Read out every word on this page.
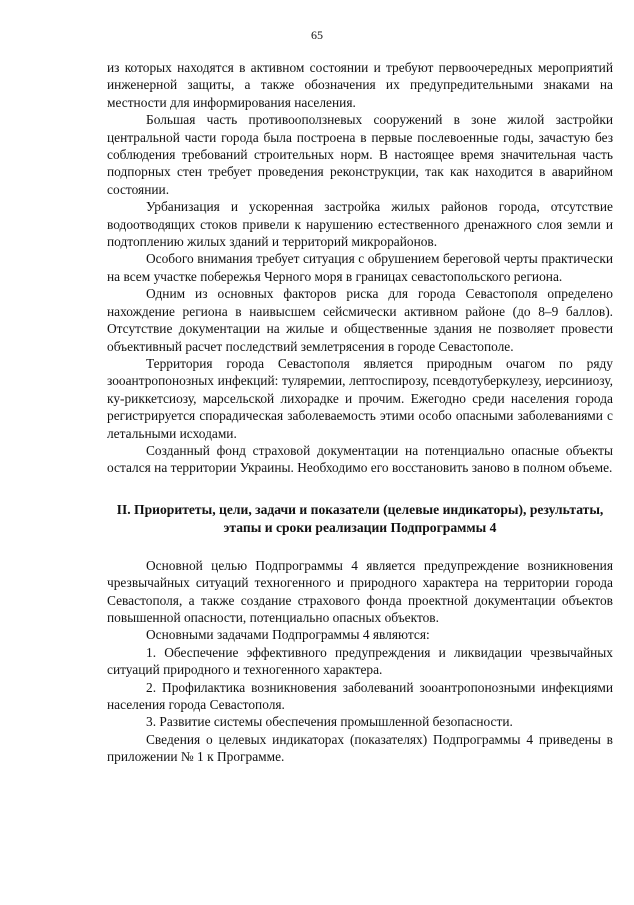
65

из которых находятся в активном состоянии и требуют первоочередных мероприятий инженерной защиты, а также обозначения их предупредительными знаками на местности для информирования населения.

Большая часть противооползневых сооружений в зоне жилой застройки центральной части города была построена в первые послевоенные годы, зачастую без соблюдения требований строительных норм. В настоящее время значительная часть подпорных стен требует проведения реконструкции, так как находится в аварийном состоянии.

Урбанизация и ускоренная застройка жилых районов города, отсутствие водоотводящих стоков привели к нарушению естественного дренажного слоя земли и подтоплению жилых зданий и территорий микрорайонов.

Особого внимания требует ситуация с обрушением береговой черты практически на всем участке побережья Черного моря в границах севастопольского региона.

Одним из основных факторов риска для города Севастополя определено нахождение региона в наивысшем сейсмически активном районе (до 8–9 баллов). Отсутствие документации на жилые и общественные здания не позволяет провести объективный расчет последствий землетрясения в городе Севастополе.

Территория города Севастополя является природным очагом по ряду зооантропонозных инфекций: туляремии, лептоспирозу, псевдотуберкулезу, иерсиниозу, ку-риккетсиозу, марсельской лихорадке и прочим. Ежегодно среди населения города регистрируется спорадическая заболеваемость этими особо опасными заболеваниями с летальными исходами.

Созданный фонд страховой документации на потенциально опасные объекты остался на территории Украины. Необходимо его восстановить заново в полном объеме.

II. Приоритеты, цели, задачи и показатели (целевые индикаторы), результаты, этапы и сроки реализации Подпрограммы 4

Основной целью Подпрограммы 4 является предупреждение возникновения чрезвычайных ситуаций техногенного и природного характера на территории города Севастополя, а также создание страхового фонда проектной документации объектов повышенной опасности, потенциально опасных объектов.

Основными задачами Подпрограммы 4 являются:

1. Обеспечение эффективного предупреждения и ликвидации чрезвычайных ситуаций природного и техногенного характера.

2. Профилактика возникновения заболеваний зооантропонозными инфекциями населения города Севастополя.

3. Развитие системы обеспечения промышленной безопасности.

Сведения о целевых индикаторах (показателях) Подпрограммы 4 приведены в приложении № 1 к Программе.
